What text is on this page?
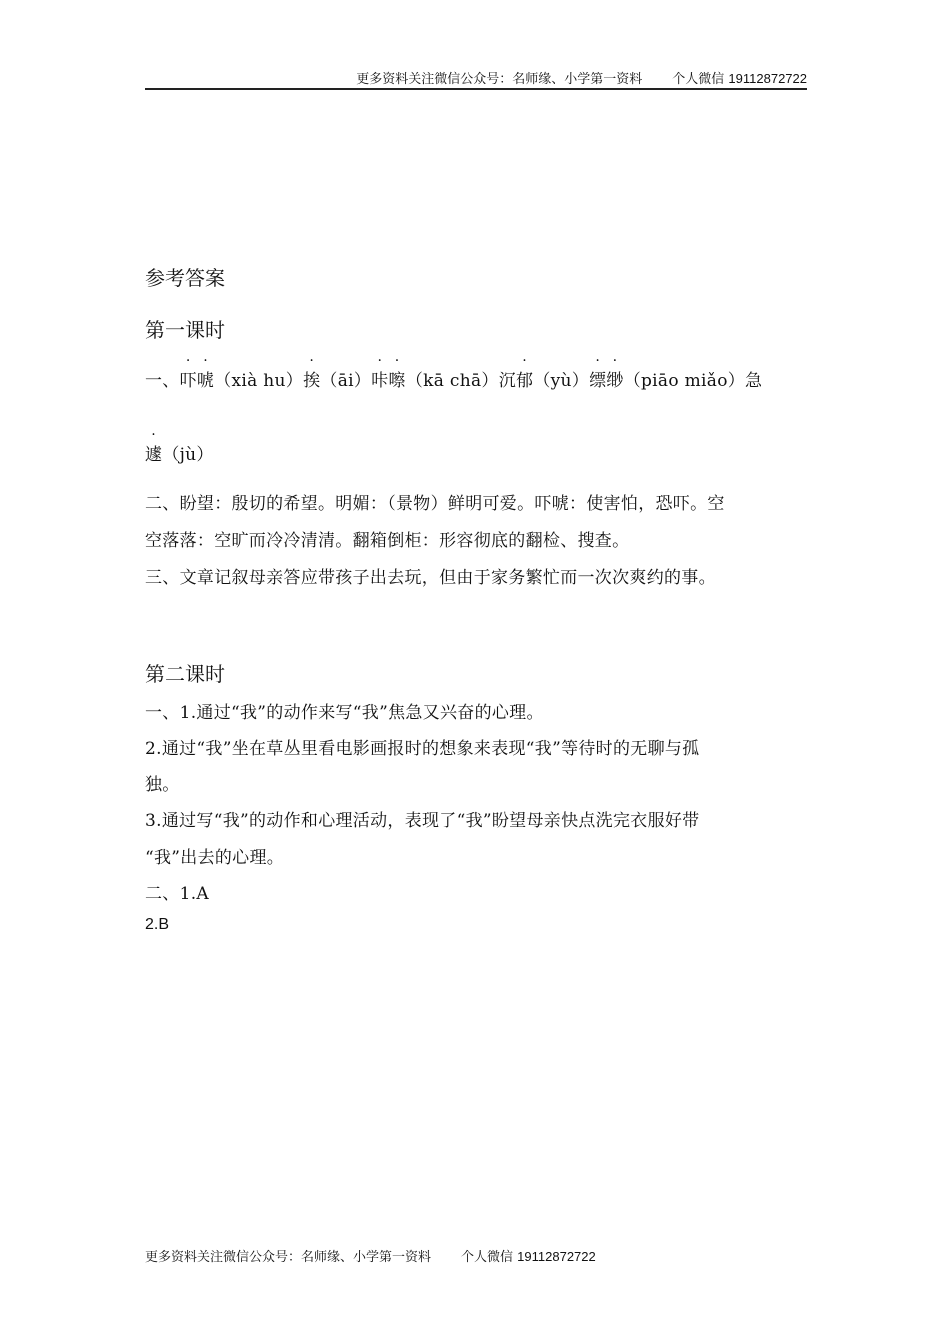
更多资料关注微信公众号：名师缘、小学第一资料 个人微信 19112872722
参考答案
第一课时
一、吓唬（xià hu）挨（āi）咔嚓（kā chā）沉郁（yù）缥缈（piāo miǎo）急
遽（jù）
二、盼望：殷切的希望。明媚：（景物）鲜明可爱。吓唬：使害怕，恐吓。空
空落落：空旷而冷冷清清。翻箱倒柜：形容彻底的翻检、搜查。
三、文章记叙母亲答应带孩子出去玩，但由于家务繁忙而一次次爽约的事。
第二课时
一、1.通过“我”的动作来写“我”焦急又兴奋的心理。
2.通过“我”坐在草丛里看电影画报时的想象来表现“我”等待时的无聊与孤
独。
3.通过写“我”的动作和心理活动，表现了“我”盼望母亲快点洗完衣服好带
“我”出去的心理。
二、1.A
2.B
更多资料关注微信公众号：名师缘、小学第一资料 个人微信 19112872722
